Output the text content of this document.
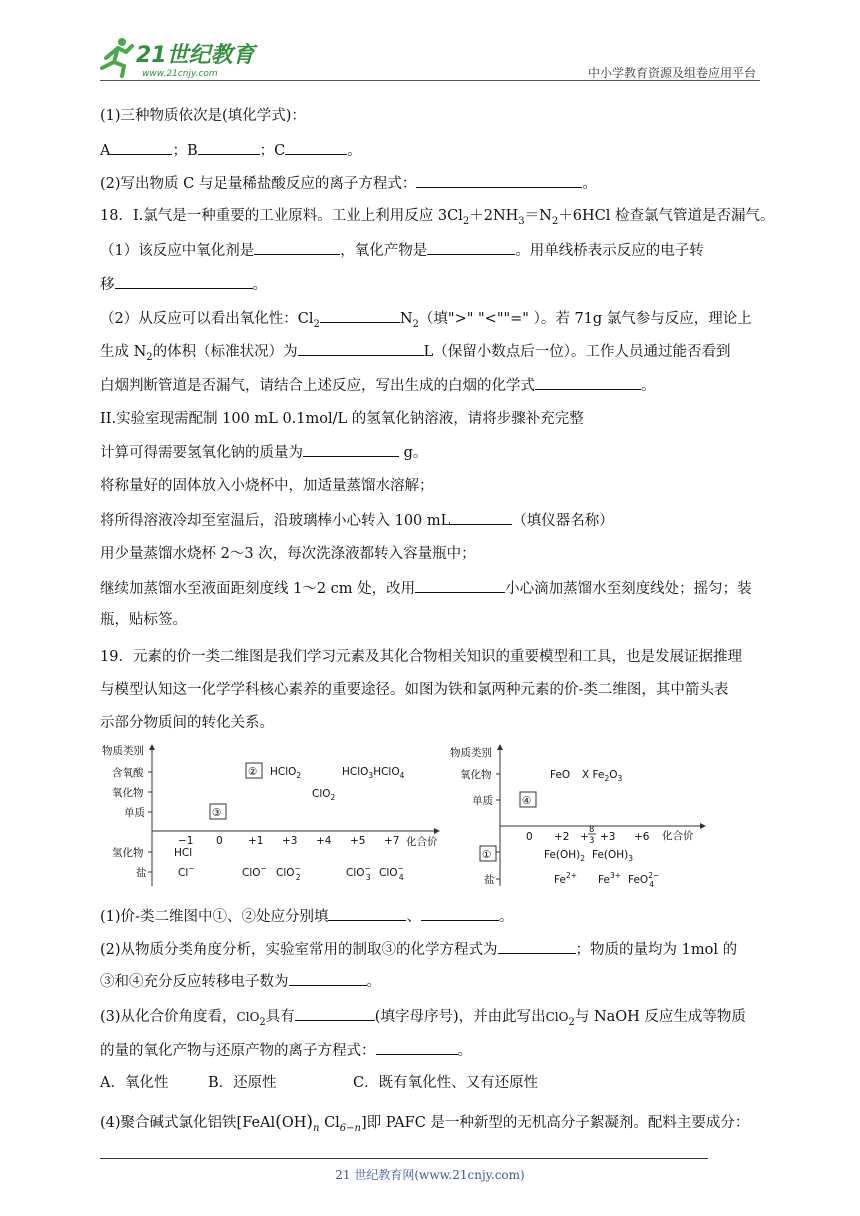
21世纪教育
www.21cnjy.com	中小学教育资源及组卷应用平台
(1)三种物质依次是(填化学式)：
A	；B	；C	。
(2)写出物质 C 与足量稀盐酸反应的离子方程式：	。
18．I.氯气是一种重要的工业原料。工业上利用反应 $3Cl_2+2NH_3=N_2+6HCl$ 检查氯气管道是否漏气。
（1）该反应中氧化剂是	，氧化产物是	。用单线桥表示反应的电子转
移	。
（2）从反应可以看出氧化性：$Cl_2$	$N_2$（填">" "<""=" ）。若 71g 氯气参与反应，理论上
生成 $N_2$的体积（标准状况）为	L（保留小数点后一位）。工作人员通过能否看到
白烟判断管道是否漏气，请结合上述反应，写出生成的白烟的化学式	。
II.实验室现需配制 100 mL 0.1mol/L 的氢氧化钠溶液，请将步骤补充完整
计算可得需要氢氧化钠的质量为	g。
将称量好的固体放入小烧杯中，加适量蒸馏水溶解；
将所得溶液冷却至室温后，沿玻璃棒小心转入 100 mL	（填仪器名称）
用少量蒸馏水烧杯 2～3 次，每次洗涤液都转入容量瓶中；
继续加蒸馏水至液面距刻度线 1～2 cm 处，改用	小心滴加蒸馏水至刻度线处；摇匀；装
瓶，贴标签。
19．元素的价一类二维图是我们学习元素及其化合物相关知识的重要模型和工具，也是发展证据推理
与模型认知这一化学学科核心素养的重要途径。如图为铁和氯两种元素的价-类二维图，其中箭头表
示部分物质间的转化关系。
物质类别
化合价
含氧酸
氧化物
单质
氢化物
盐
−1 0 +1 +3 +4 +5 +7
② HClO$_2$	HClO$_3$HClO$_4$
ClO$_2$
③
HCl
Cl−	ClO− ClO− 2	ClO− 3 ClO− 4
物质类别
化合价
氧化物
单质
盐
0 +2	+3 +6
+
8
3
FeO X $Fe_2O_3$
④
①	$Fe(OH)_2$ $Fe(OH)_3$
$Fe^{2+}$ $Fe^{3+}$ FeO$^{2-}$ 4
(1)价-类二维图中①、②处应分别填	、	。
(2)从物质分类角度分析，实验室常用的制取③的化学方程式为	；物质的量均为 1mol 的
③和④充分反应转移电子数为	。
(3)从化合价角度看，ClO$_2$具有	(填字母序号)，并由此写出ClO$_2$与 NaOH 反应生成等物质
的量的氧化产物与还原产物的离子方程式：	。
A．氧化性	B．还原性	C．既有氧化性、又有还原性
(4)聚合碱式氯化铝铁[$FeAl(OH)_n$ $Cl_{6-n}$]即 PAFC 是一种新型的无机高分子絮凝剂。配料主要成分：
21 世纪教育网(www.21cnjy.com)
